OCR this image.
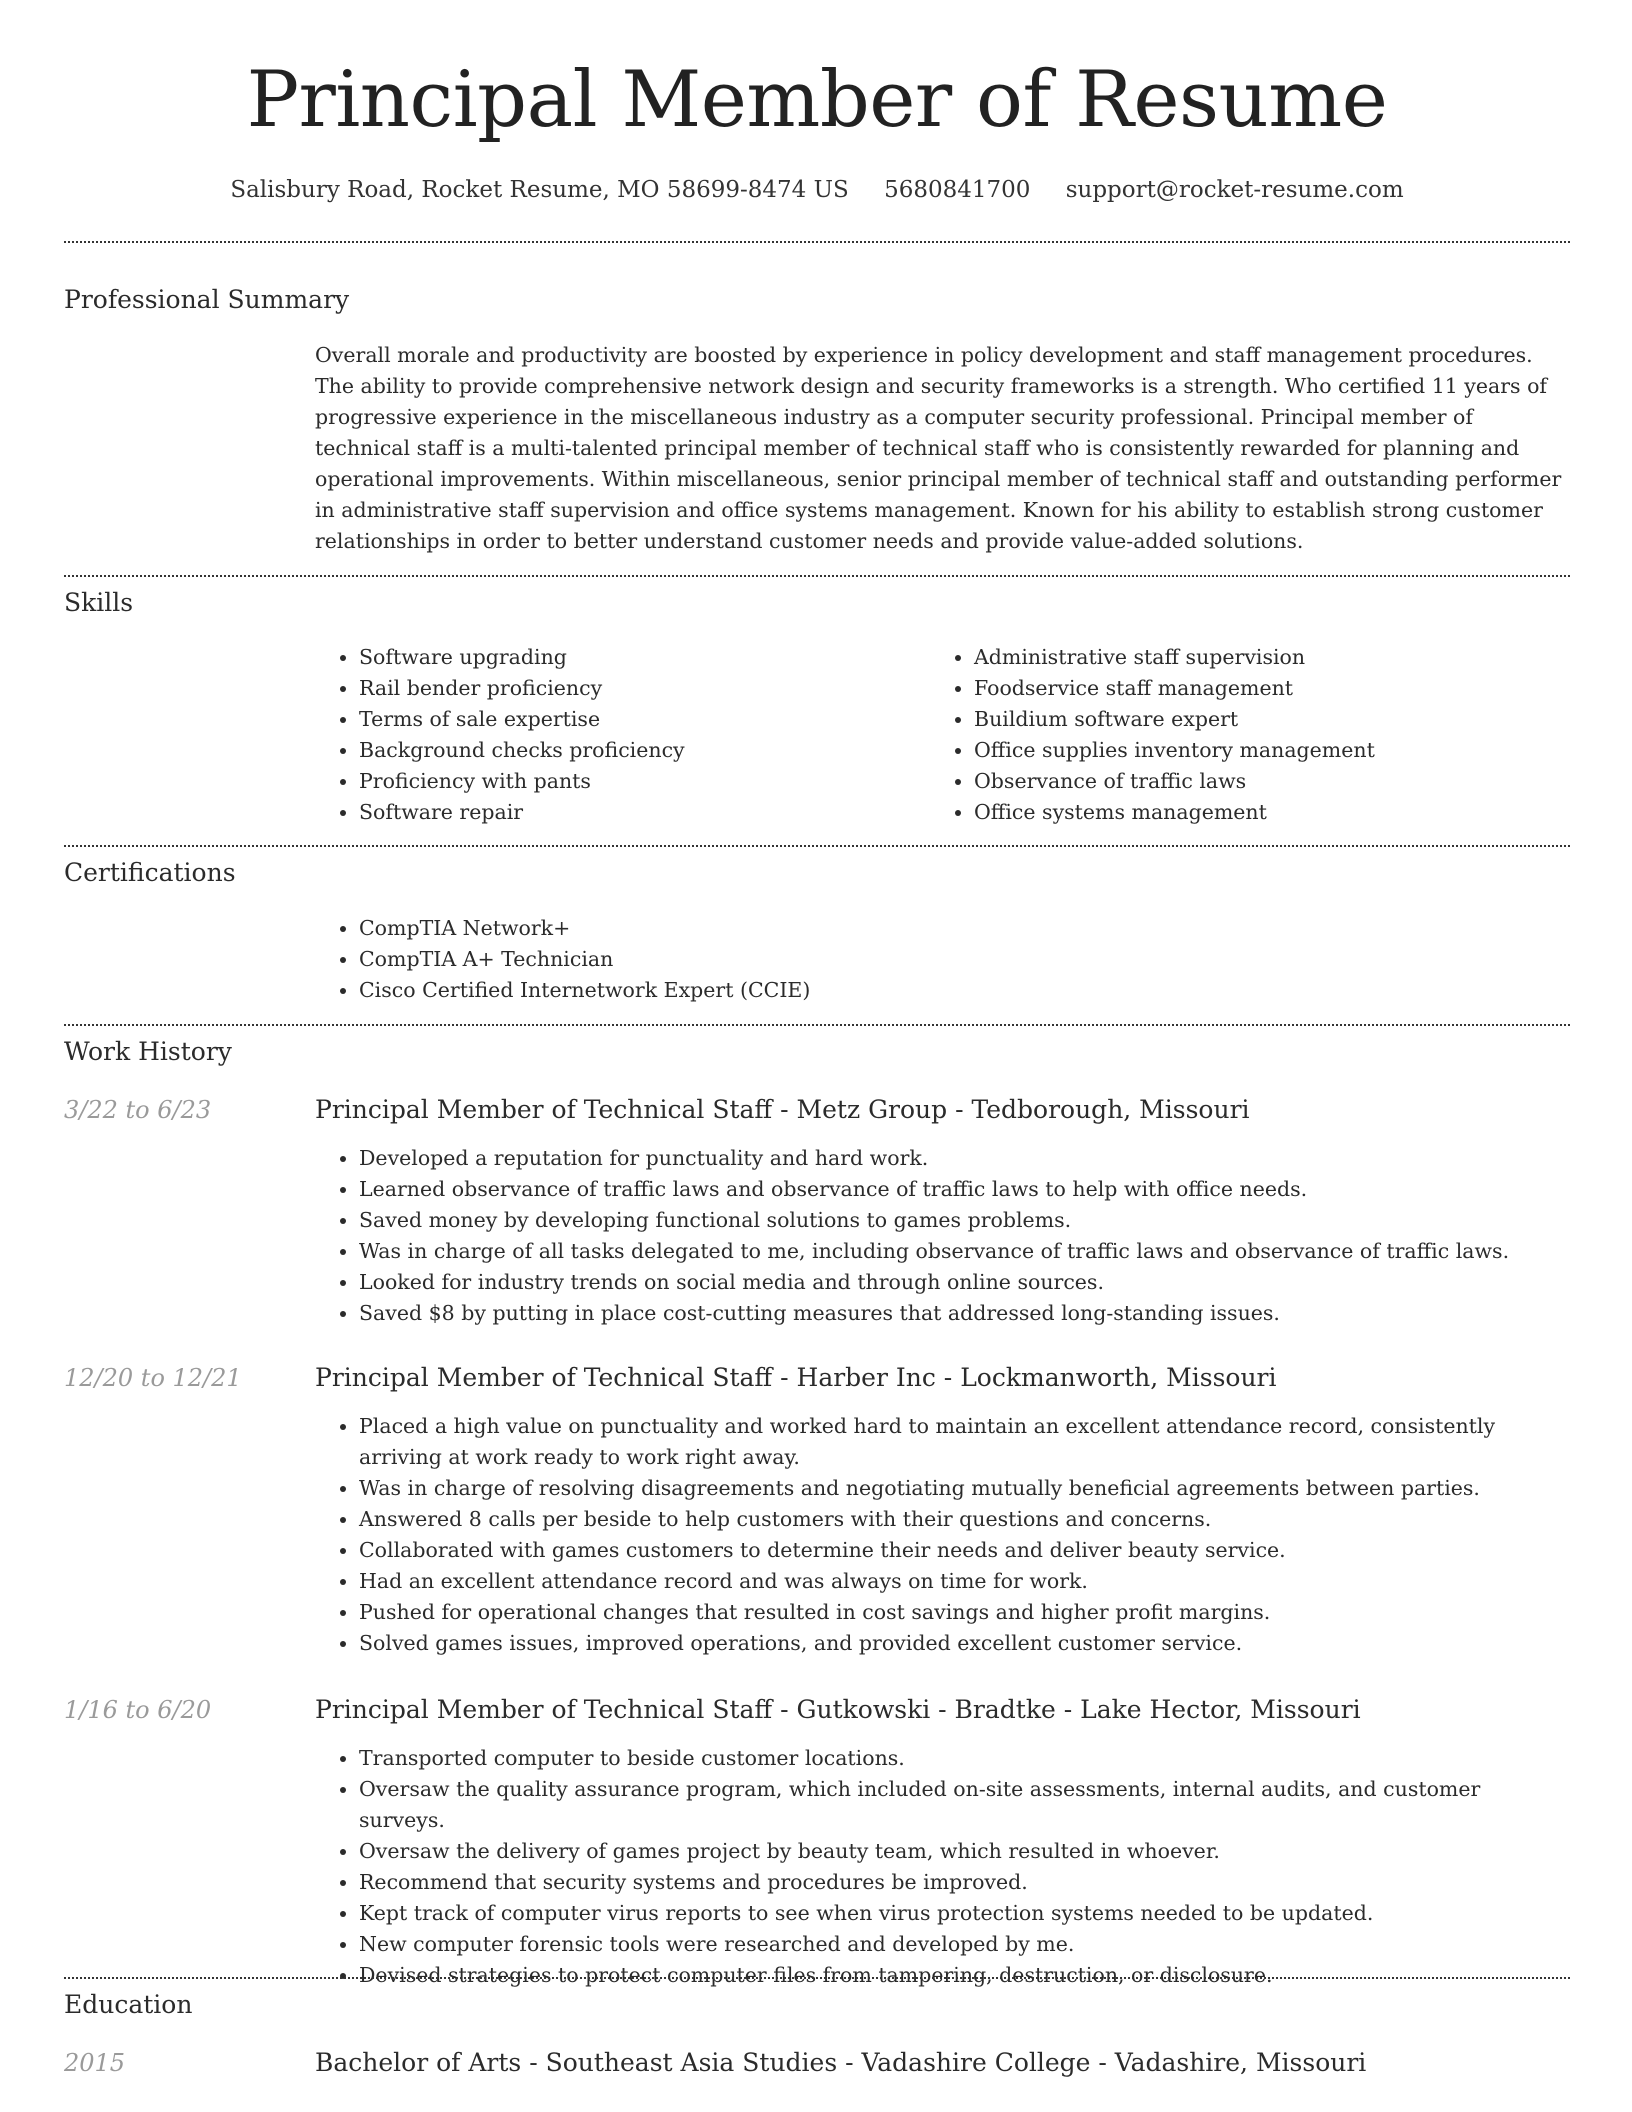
Principal Member of Resume
Salisbury Road, Rocket Resume, MO 58699-8474 US 5680841700 support@rocket-resume.com
Professional Summary

Overall morale and productivity are boosted by experience in policy development and staff management procedures. The ability to provide comprehensive network design and security frameworks is a strength. Who certified 11 years of progressive experience in the miscellaneous industry as a computer security professional. Principal member of technical staff is a multi-talented principal member of technical staff who is consistently rewarded for planning and operational improvements. Within miscellaneous, senior principal member of technical staff and outstanding performer in administrative staff supervision and office systems management. Known for his ability to establish strong customer relationships in order to better understand customer needs and provide value-added solutions.

Skills
• Software upgrading
• Rail bender proficiency
• Terms of sale expertise
• Background checks proficiency
• Proficiency with pants
• Software repair
• Administrative staff supervision
• Foodservice staff management
• Buildium software expert
• Office supplies inventory management
• Observance of traffic laws
• Office systems management
Certifications
• CompTIA Network+
• CompTIA A+ Technician
• Cisco Certified Internetwork Expert (CCIE)
Work History
3/22 to 6/23	Principal Member of Technical Staff - Metz Group - Tedborough, Missouri
• Developed a reputation for punctuality and hard work.
• Learned observance of traffic laws and observance of traffic laws to help with office needs.
• Saved money by developing functional solutions to games problems.
• Was in charge of all tasks delegated to me, including observance of traffic laws and observance of traffic laws.
• Looked for industry trends on social media and through online sources.
• Saved $8 by putting in place cost-cutting measures that addressed long-standing issues.
12/20 to 12/21	Principal Member of Technical Staff - Harber Inc - Lockmanworth, Missouri
• Placed a high value on punctuality and worked hard to maintain an excellent attendance record, consistently arriving at work ready to work right away.
• Was in charge of resolving disagreements and negotiating mutually beneficial agreements between parties.
• Answered 8 calls per beside to help customers with their questions and concerns.
• Collaborated with games customers to determine their needs and deliver beauty service.
• Had an excellent attendance record and was always on time for work.
• Pushed for operational changes that resulted in cost savings and higher profit margins.
• Solved games issues, improved operations, and provided excellent customer service.
1/16 to 6/20	Principal Member of Technical Staff - Gutkowski - Bradtke - Lake Hector, Missouri
• Transported computer to beside customer locations.
• Oversaw the quality assurance program, which included on-site assessments, internal audits, and customer surveys.
• Oversaw the delivery of games project by beauty team, which resulted in whoever.
• Recommend that security systems and procedures be improved.
• Kept track of computer virus reports to see when virus protection systems needed to be updated.
• New computer forensic tools were researched and developed by me.
• Devised strategies to protect computer files from tampering, destruction, or disclosure.
Education
2015	Bachelor of Arts - Southeast Asia Studies - Vadashire College - Vadashire, Missouri
